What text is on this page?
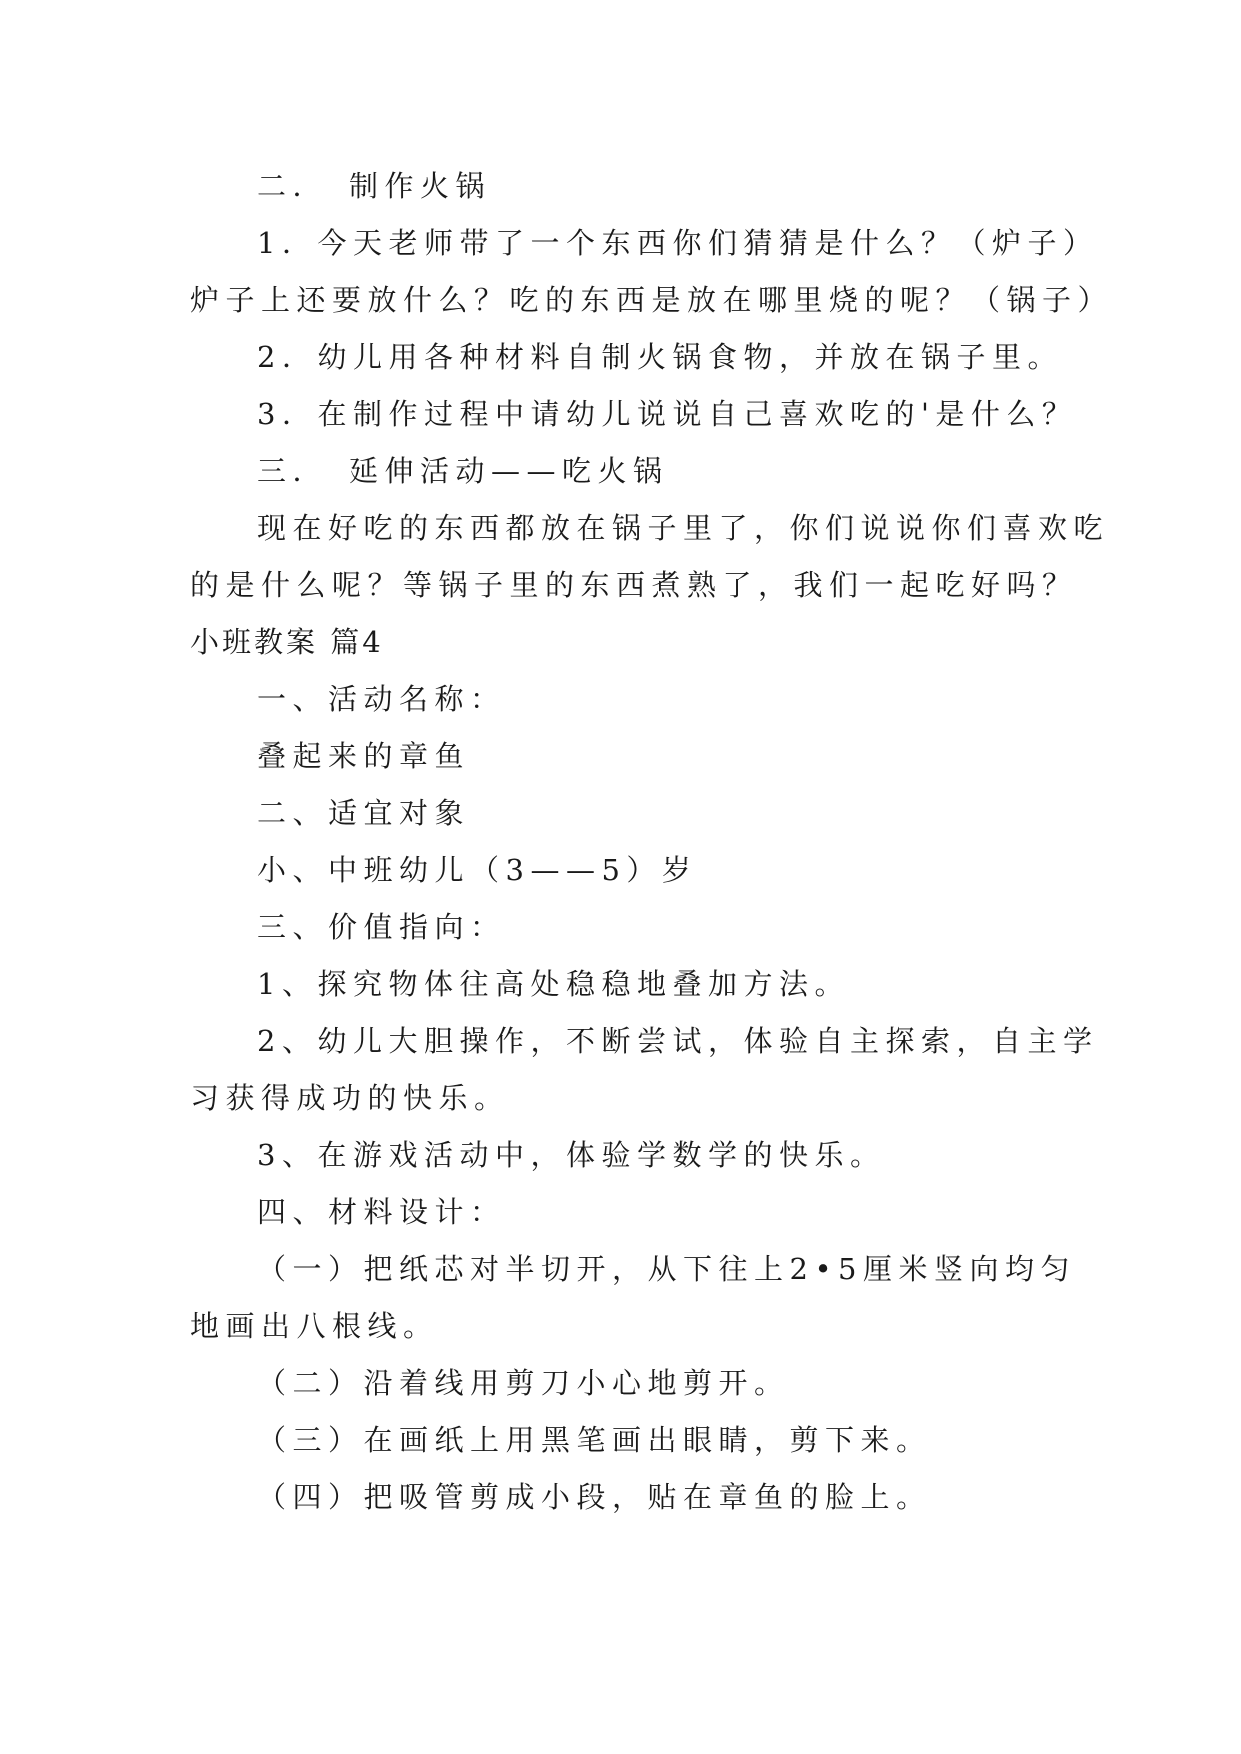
二．　制作火锅
1．今天老师带了一个东西你们猜猜是什么？（炉子）
炉子上还要放什么？吃的东西是放在哪里烧的呢？（锅子）
2．幼儿用各种材料自制火锅食物，并放在锅子里。
3．在制作过程中请幼儿说说自己喜欢吃的'是什么？
三．　延伸活动——吃火锅
现在好吃的东西都放在锅子里了，你们说说你们喜欢吃
的是什么呢？等锅子里的东西煮熟了，我们一起吃好吗？
小班教案 篇4
一、活动名称：
叠起来的章鱼
二、适宜对象
小、中班幼儿（3——5）岁
三、价值指向：
1、探究物体往高处稳稳地叠加方法。
2、幼儿大胆操作，不断尝试，体验自主探索，自主学
习获得成功的快乐。
3、在游戏活动中，体验学数学的快乐。
四、材料设计：
（一）把纸芯对半切开，从下往上2•5厘米竖向均匀
地画出八根线。
（二）沿着线用剪刀小心地剪开。
（三）在画纸上用黑笔画出眼睛，剪下来。
（四）把吸管剪成小段，贴在章鱼的脸上。
